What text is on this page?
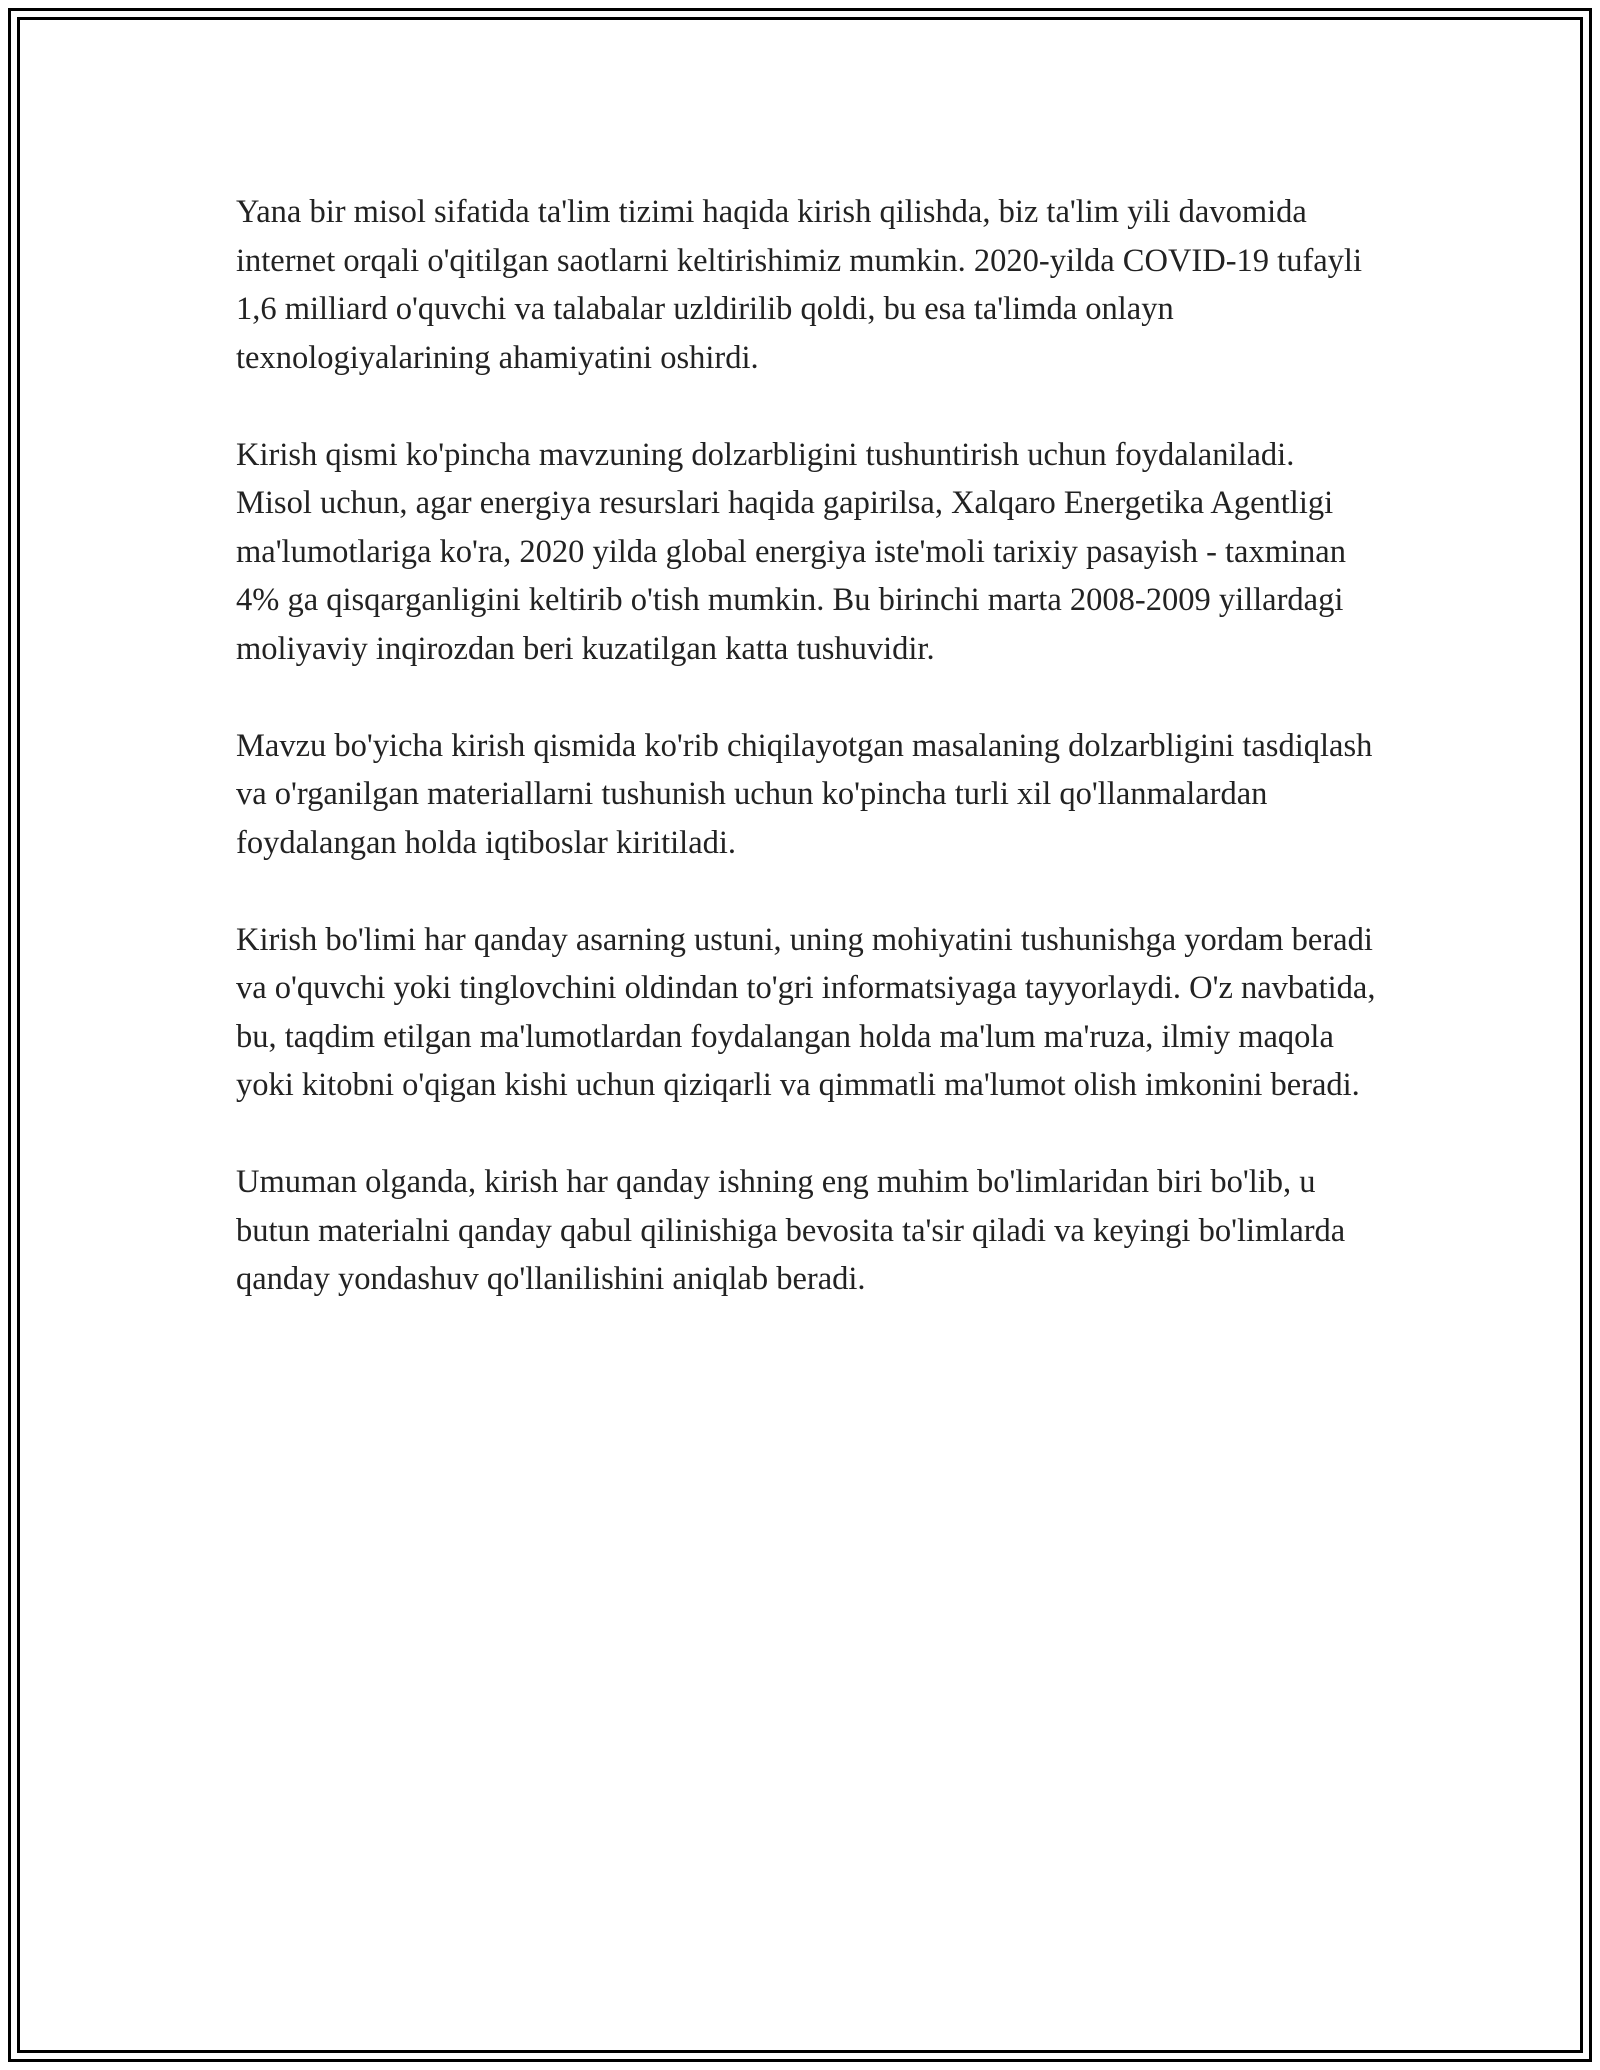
Yana bir misol sifatida ta'lim tizimi haqida kirish qilishda, biz ta'lim yili davomida internet orqali o'qitilgan saotlarni keltirishimiz mumkin. 2020-yilda COVID-19 tufayli 1,6 milliard o'quvchi va talabalar uzldirilib qoldi, bu esa ta'limda onlayn texnologiyalarining ahamiyatini oshirdi.

Kirish qismi ko'pincha mavzuning dolzarbligini tushuntirish uchun foydalaniladi. Misol uchun, agar energiya resurslari haqida gapirilsa, Xalqaro Energetika Agentligi ma'lumotlariga ko'ra, 2020 yilda global energiya iste'moli tarixiy pasayish - taxminan 4% ga qisqarganligini keltirib o'tish mumkin. Bu birinchi marta 2008-2009 yillardagi moliyaviy inqirozdan beri kuzatilgan katta tushuvidir.

Mavzu bo'yicha kirish qismida ko'rib chiqilayotgan masalaning dolzarbligini tasdiqlash va o'rganilgan materiallarni tushunish uchun ko'pincha turli xil qo'llanmalardan foydalangan holda iqtiboslar kiritiladi.

Kirish bo'limi har qanday asarning ustuni, uning mohiyatini tushunishga yordam beradi va o'quvchi yoki tinglovchini oldindan to'gri informatsiyaga tayyorlaydi. O'z navbatida, bu, taqdim etilgan ma'lumotlardan foydalangan holda ma'lum ma'ruza, ilmiy maqola yoki kitobni o'qigan kishi uchun qiziqarli va qimmatli ma'lumot olish imkonini beradi.

Umuman olganda, kirish har qanday ishning eng muhim bo'limlaridan biri bo'lib, u butun materialni qanday qabul qilinishiga bevosita ta'sir qiladi va keyingi bo'limlarda qanday yondashuv qo'llanilishini aniqlab beradi.
